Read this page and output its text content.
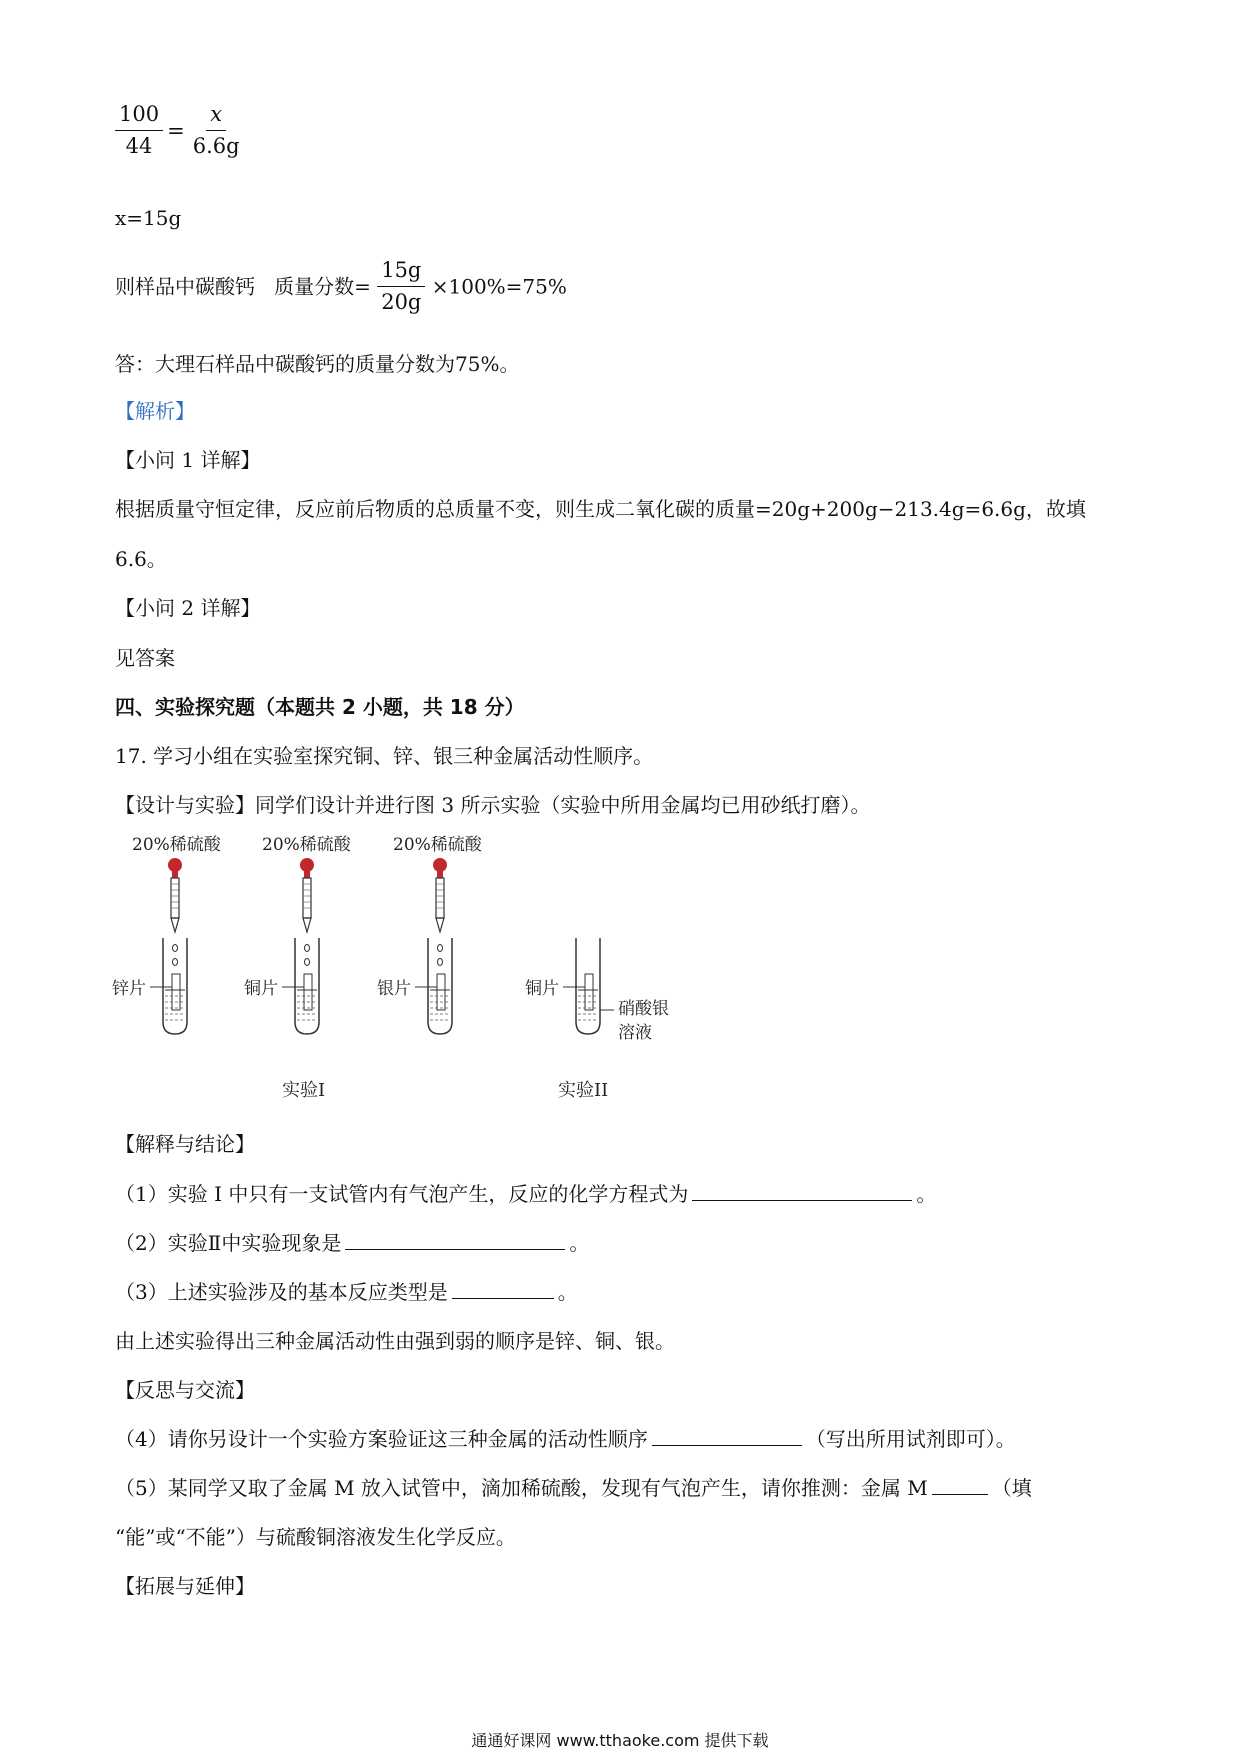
$\frac{100}{44} = \frac{x}{6.6g}$
x=15g
则样品中碳酸钙   质量分数= $\frac{15g}{20g} \times 100\%=75\%$
答：大理石样品中碳酸钙的质量分数为75%。
【解析】
【小问 1 详解】
根据质量守恒定律，反应前后物质的总质量不变，则生成二氧化碳的质量=20g+200g−213.4g=6.6g，故填
6.6。
【小问 2 详解】
见答案
四、实验探究题（本题共 2 小题，共 18 分）
17. 学习小组在实验室探究铜、锌、银三种金属活动性顺序。
【设计与实验】同学们设计并进行图 3 所示实验（实验中所用金属均已用砂纸打磨）。
20%稀硫酸 20%稀硫酸 20%稀硫酸
锌片	铜片	银片	铜片
硝酸银
溶液
实验I	实验II
【解释与结论】
（1）实验 I 中只有一支试管内有气泡产生，反应的化学方程式为	。
（2）实验Ⅱ中实验现象是	。
（3）上述实验涉及的基本反应类型是	。
由上述实验得出三种金属活动性由强到弱的顺序是锌、铜、银。
【反思与交流】
（4）请你另设计一个实验方案验证这三种金属的活动性顺序	（写出所用试剂即可）。
（5）某同学又取了金属 M 放入试管中，滴加稀硫酸，发现有气泡产生，请你推测：金属 M	（填
“能”或“不能”）与硫酸铜溶液发生化学反应。
【拓展与延伸】
通通好课网 www.tthaoke.com 提供下载
